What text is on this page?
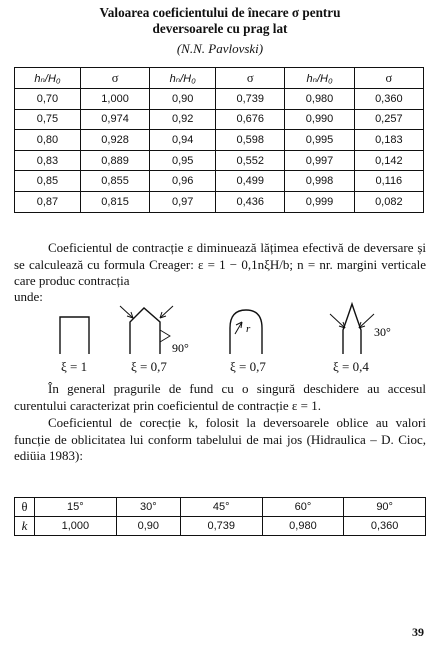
Valoarea coeficientului de înecare σ pentru
deversoarele cu prag lat
(N.N. Pavlovski)
hₙ/H₀	σ	hₙ/H₀	σ	hₙ/H₀	σ
0,70	1,000	0,90	0,739	0,980	0,360
0,75	0,974	0,92	0,676	0,990	0,257
0,80	0,928	0,94	0,598	0,995	0,183
0,83	0,889	0,95	0,552	0,997	0,142
0,85	0,855	0,96	0,499	0,998	0,116
0,87	0,815	0,97	0,436	0,999	0,082
Coeficientul de contracție ε diminuează lățimea efectivă de deversare și se calculează cu formula Creager: ε = 1 − 0,1nξH/b; n = nr. margini verticale care produc contracția
unde:
90°
r	30°
ξ = 1	ξ = 0,7	ξ = 0,7	ξ = 0,4
În general pragurile de fund cu o singură deschidere au accesul curentului caracterizat prin coeficientul de contracție ε = 1.
Coeficientul de corecție k, folosit la deversoarele oblice au valori funcție de oblicitatea lui conform tabelului de mai jos (Hidraulica – D. Cioc, ediüia 1983):
θ	15°	30°	45°	60°	90°
k	1,000	0,90	0,739	0,980	0,360
39
